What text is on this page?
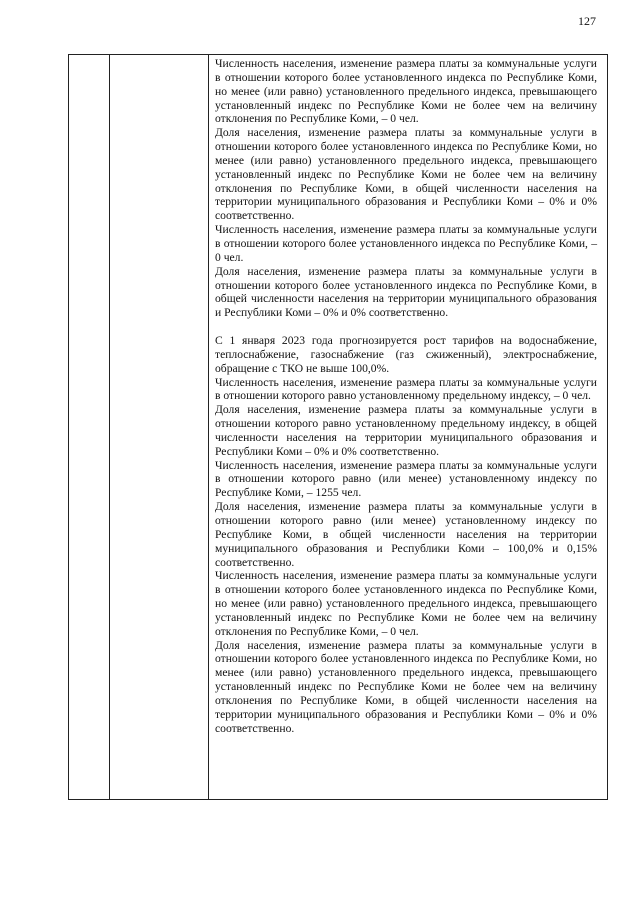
127

Численность населения, изменение размера платы за коммунальные услуги в отношении которого более установленного индекса по Республике Коми, но менее (или равно) установленного предельного индекса, превышающего установленный индекс по Республике Коми не более чем на величину отклонения по Республике Коми, – 0 чел.

Доля населения, изменение размера платы за коммунальные услуги в отношении которого более установленного индекса по Республике Коми, но менее (или равно) установленного предельного индекса, превышающего установленный индекс по Республике Коми не более чем на величину отклонения по Республике Коми, в общей численности населения на территории муниципального образования и Республики Коми – 0% и 0% соответственно.

Численность населения, изменение размера платы за коммунальные услуги в отношении которого более установленного индекса по Республике Коми, – 0 чел.

Доля населения, изменение размера платы за коммунальные услуги в отношении которого более установленного индекса по Республике Коми, в общей численности населения на территории муниципального образования и Республики Коми – 0% и 0% соответственно.

С 1 января 2023 года прогнозируется рост тарифов на водоснабжение, теплоснабжение, газоснабжение (газ сжиженный), электроснабжение, обращение с ТКО не выше 100,0%.

Численность населения, изменение размера платы за коммунальные услуги в отношении которого равно установленному предельному индексу, – 0 чел.

Доля населения, изменение размера платы за коммунальные услуги в отношении которого равно установленному предельному индексу, в общей численности населения на территории муниципального образования и Республики Коми – 0% и 0% соответственно.

Численность населения, изменение размера платы за коммунальные услуги в отношении которого равно (или менее) установленному индексу по Республике Коми, – 1255 чел.

Доля населения, изменение размера платы за коммунальные услуги в отношении которого равно (или менее) установленному индексу по Республике Коми, в общей численности населения на территории муниципального образования и Республики Коми – 100,0% и 0,15% соответственно.

Численность населения, изменение размера платы за коммунальные услуги в отношении которого более установленного индекса по Республике Коми, но менее (или равно) установленного предельного индекса, превышающего установленный индекс по Республике Коми не более чем на величину отклонения по Республике Коми, – 0 чел.

Доля населения, изменение размера платы за коммунальные услуги в отношении которого более установленного индекса по Республике Коми, но менее (или равно) установленного предельного индекса, превышающего установленный индекс по Республике Коми не более чем на величину отклонения по Республике Коми, в общей численности населения на территории муниципального образования и Республики Коми – 0% и 0% соответственно.
